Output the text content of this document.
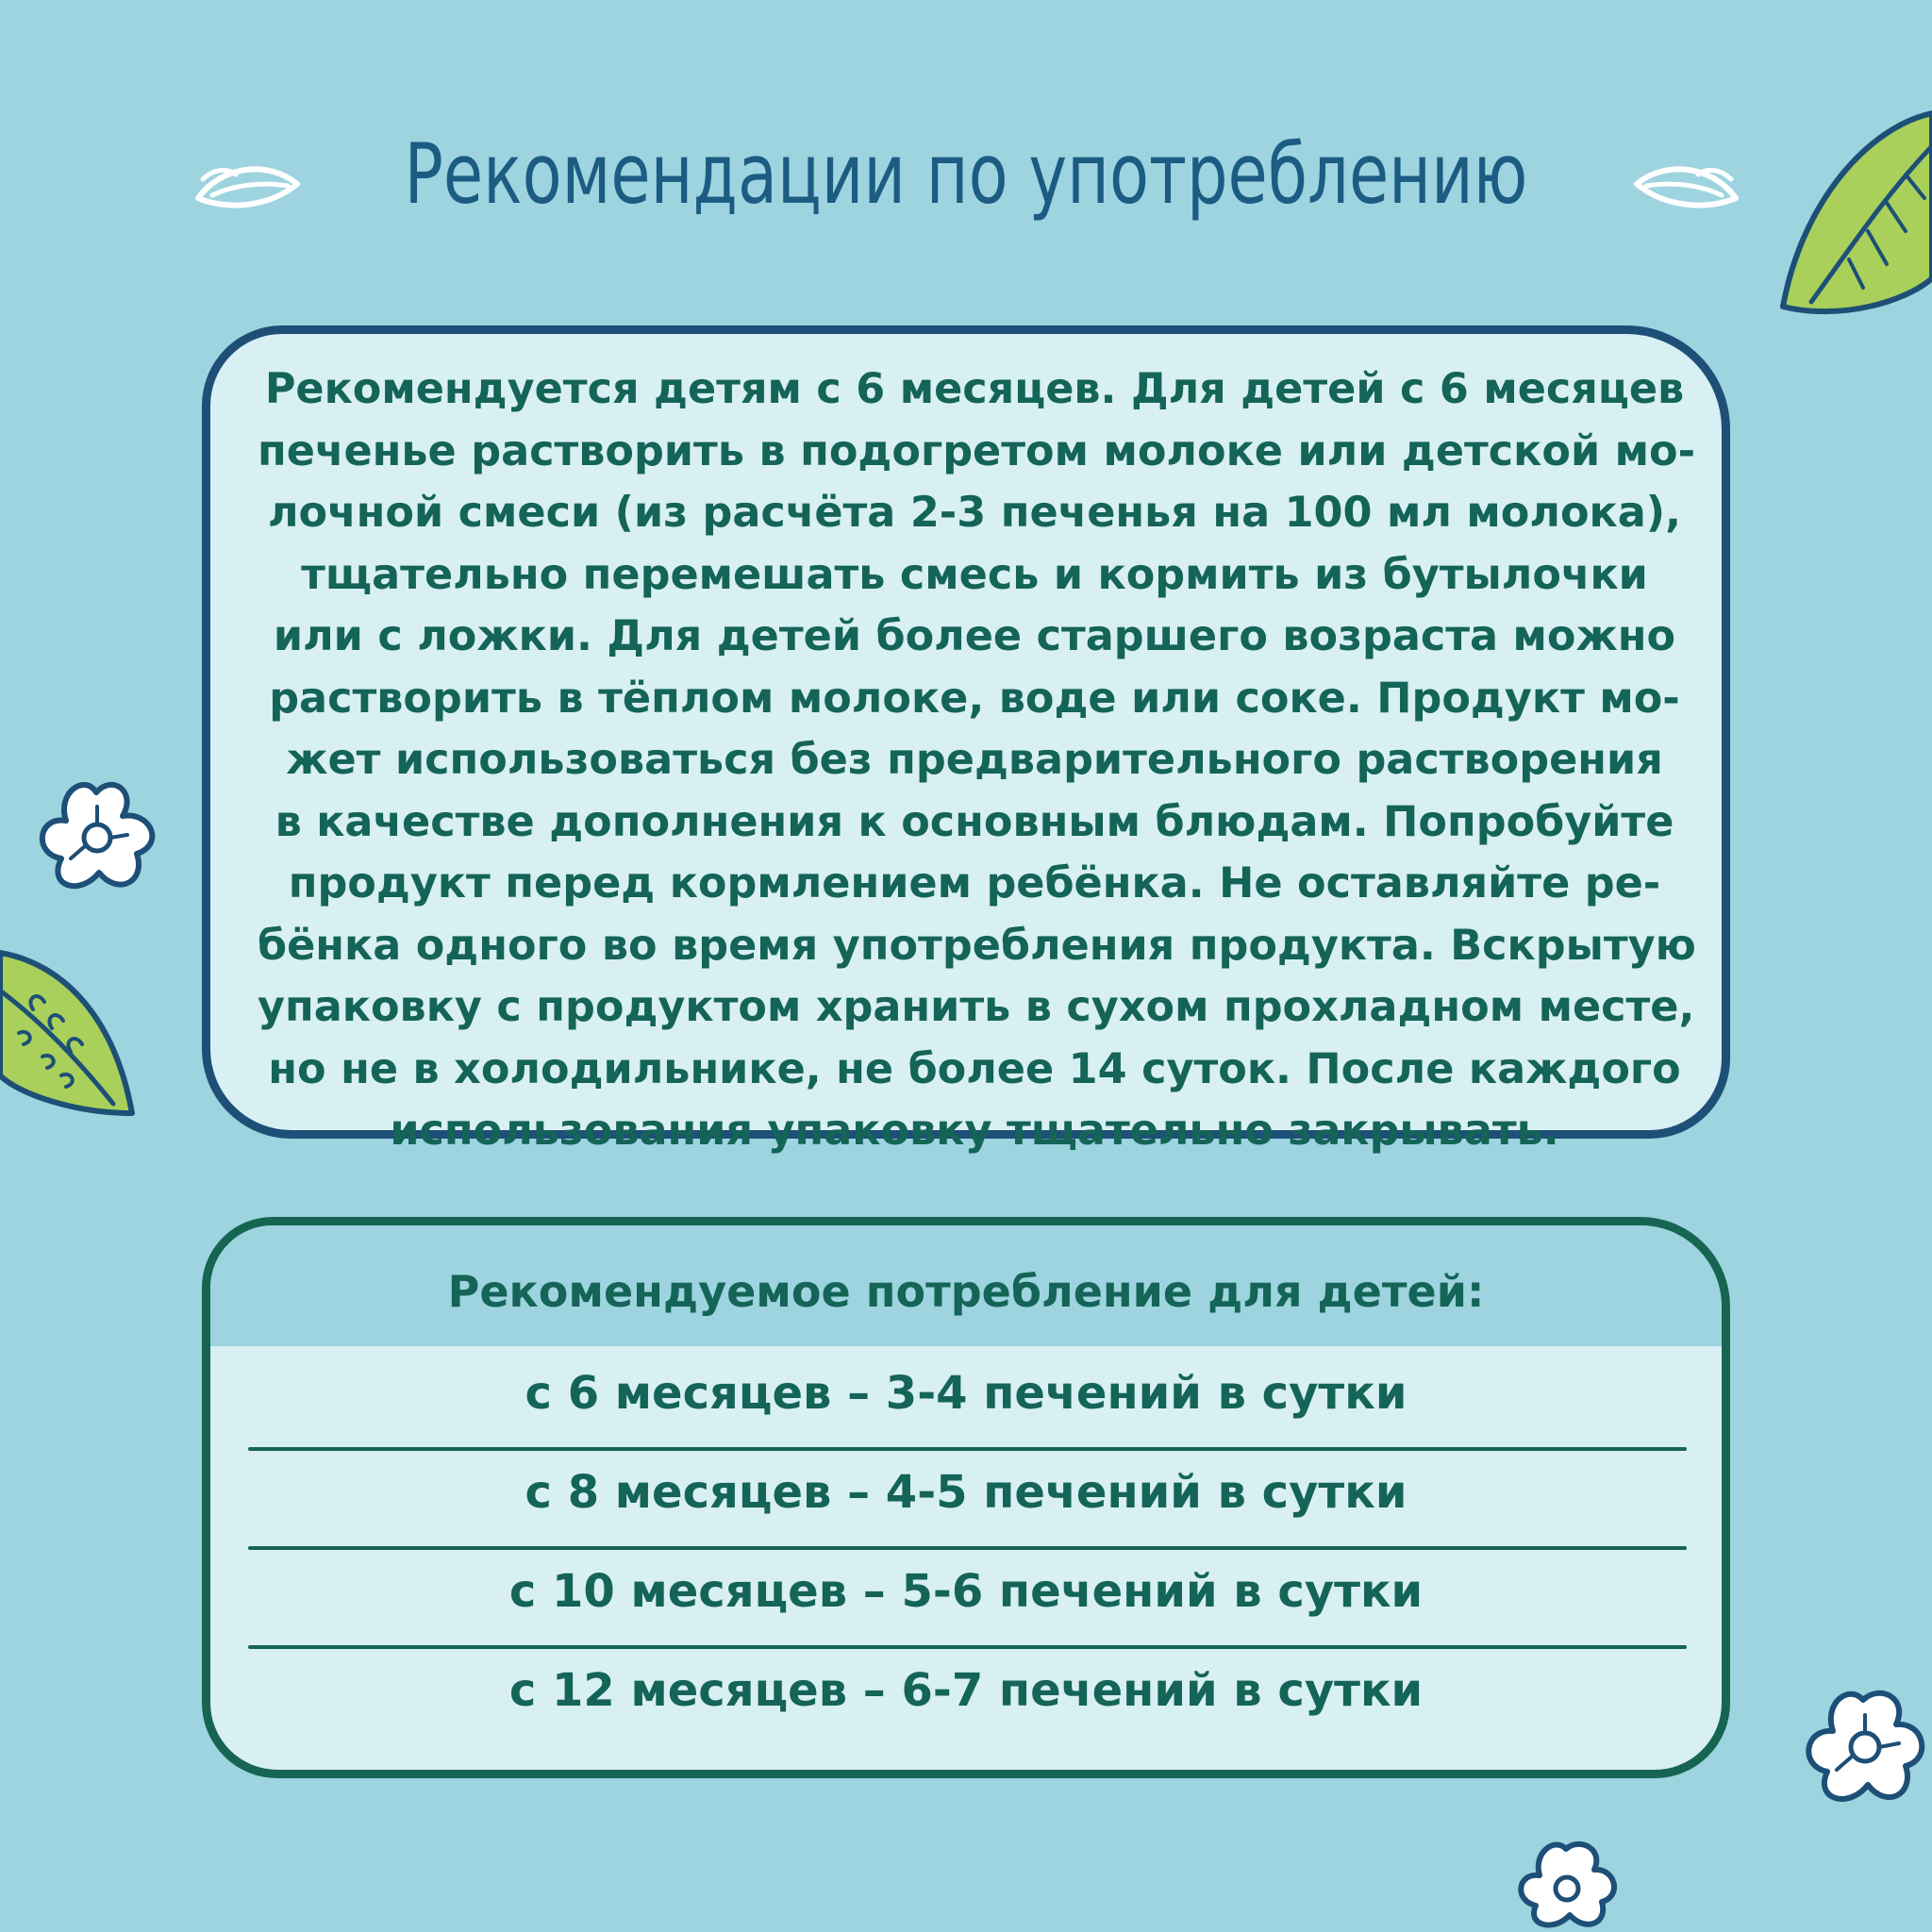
Рекомендации по употреблению
Рекомендуется детям с 6 месяцев. Для детей с 6 месяцев
печенье растворить в подогретом молоке или детской мо-
лочной смеси (из расчёта 2-3 печенья на 100 мл молока),
тщательно перемешать смесь и кормить из бутылочки
или с ложки. Для детей более старшего возраста можно
растворить в тёплом молоке, воде или соке. Продукт мо-
жет использоваться без предварительного растворения
в качестве дополнения к основным блюдам. Попробуйте
продукт перед кормлением ребёнка. Не оставляйте ре-
бёнка одного во время употребления продукта. Вскрытую
упаковку с продуктом хранить в сухом прохладном месте,
но не в холодильнике, не более 14 суток. После каждого
использования упаковку тщательно закрывать.
Рекомендуемое потребление для детей:
с 6 месяцев – 3-4 печений в сутки
с 8 месяцев – 4-5 печений в сутки
с 10 месяцев – 5-6 печений в сутки
с 12 месяцев – 6-7 печений в сутки
